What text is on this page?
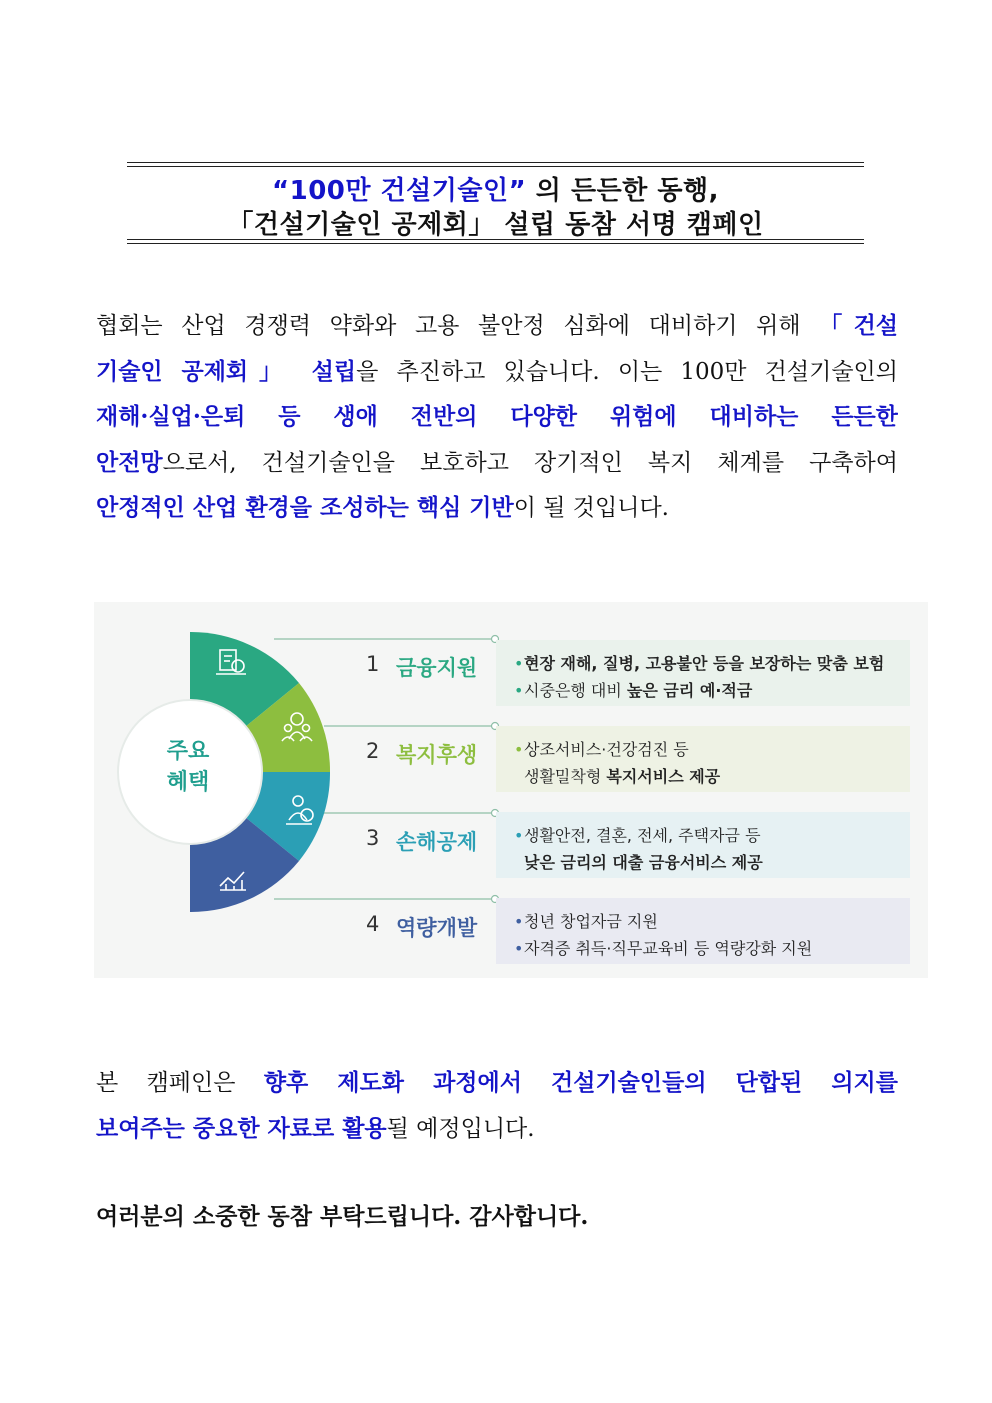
“100만 건설기술인” 의 든든한 동행,
「건설기술인 공제회」 설립 동참 서명 캠페인
협회는 산업 경쟁력 약화와 고용 불안정 심화에 대비하기 위해 「건설
기술인 공제회」 설립을 추진하고 있습니다. 이는 100만 건설기술인의
재해·실업·은퇴 등 생애 전반의 다양한 위험에 대비하는 든든한
안전망으로서, 건설기술인을 보호하고 장기적인 복지 체계를 구축하여
안정적인 산업 환경을 조성하는 핵심 기반이 될 것입니다.
주요
혜택
1 금융지원 •현장 재해, 질병, 고용불안 등을 보장하는 맞춤 보험
•시중은행 대비 높은 금리 예·적금
2 복지후생 •상조서비스·건강검진 등
생활밀착형 복지서비스 제공
3 손해공제 •생활안전, 결혼, 전세, 주택자금 등
낮은 금리의 대출 금융서비스 제공
4 역량개발 •청년 창업자금 지원
•자격증 취득·직무교육비 등 역량강화 지원
본 캠페인은 향후 제도화 과정에서 건설기술인들의 단합된 의지를
보여주는 중요한 자료로 활용될 예정입니다.
여러분의 소중한 동참 부탁드립니다. 감사합니다.
